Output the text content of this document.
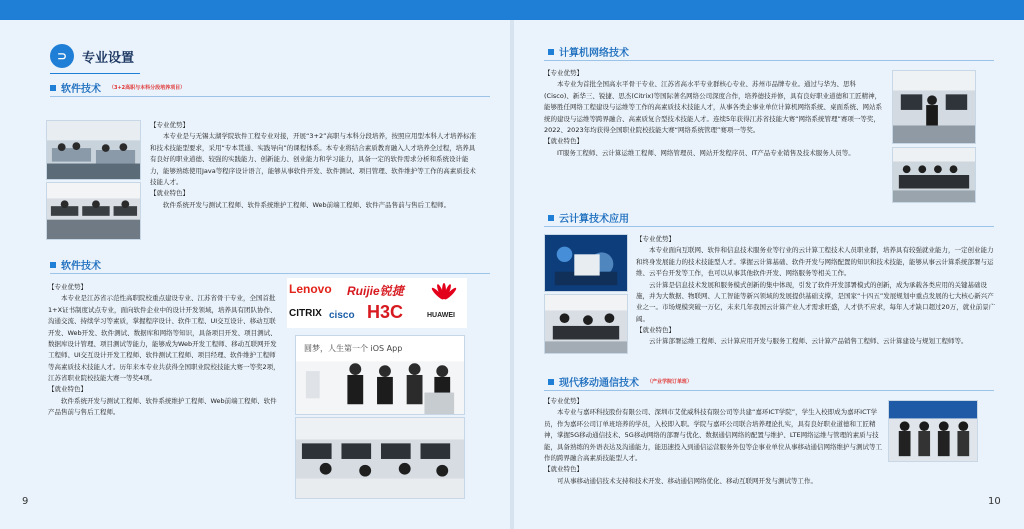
⊃	专业设置
软件技术 （3+2高职与本科分段培养项目）

【专业优势】

本专业是与无锡太湖学院软件工程专业对接，开展“3+2”高职与本科分段培养，按照应用型本科人才培养标准和技术技能型要求，采用“专本贯通、实践导向”的课程体系。本专业将结合素质教育融入人才培养全过程，培养具有良好的职业道德、较强的实践能力、创新能力、创业能力和学习能力，具备一定的软件需求分析和系统设计能力，能够熟练使用Java等程序设计语言，能够从事软件开发、软件测试、项目管理、软件维护等工作的高素质技术技能人才。

【就业特色】

软件系统开发与测试工程师、软件系统维护工程师、Web前端工程师、软件产品售前与售后工程师。

软件技术

【专业优势】

本专业是江苏省示范性高职院校重点建设专业、江苏省骨干专业，全国首批1+X证书制度试点专业，面向软件企业中的设计开发领域，培养具有团队协作、沟通交流、持续学习等素质，掌握程序设计、软件工程、UI交互设计、移动互联开发、Web开发、软件测试、数据库和网络等知识，具备项目开发、项目测试、数据库设计管理、项目测试等能力，能够成为Web开发工程师、移动互联网开发工程师、UI交互设计开发工程师、软件测试工程师、项目经理、软件维护工程师等高素质技术技能人才。历年来本专业共获得全国职业院校技能大赛一等奖2项，江苏省职业院校技能大赛一等奖4项。

【就业特色】

软件系统开发与测试工程师、软件系统维护工程师、Web前端工程师、软件产品售前与售后工程师。

Lenovo Ruijie锐捷
CITRIX cisco H3C	HUAWEI
圆梦，人生第一个 iOS App
9
计算机网络技术

【专业优势】

本专业为首批全国高水平骨干专业、江苏省高水平专业群核心专业、苏州市品牌专业。通过与华为、思科(Cisco)、新华三、锐捷、思杰(Citrix)等国际著名网络公司深度合作，培养德技并修，具有良好职业道德和工匠精神，能够胜任网络工程建设与运维等工作的高素质技术技能人才，从事各类企事业单位计算机网络系统、桌面系统、网站系统的建设与运维等跨界融合、高素质复合型技术技能人才。连续5年获得江苏省技能大赛“网络系统管理”赛项一等奖，2022、2023年均获得全国职业院校技能大赛“网络系统管理”赛项一等奖。

【就业特色】

IT服务工程师、云计算运维工程师、网络管理员、网站开发程序员、IT产品专业销售及技术服务人员等。

云计算技术应用

【专业优势】

本专业面向互联网、软件和信息技术服务业等行业的云计算工程技术人员职业群，培养具有较强就业能力，一定创业能力和终身发展能力的技术技能型人才。掌握云计算基础、软件开发与网络配置的知识和技术技能，能够从事云计算系统部署与运维、云平台开发等工作，也可以从事其他软件开发、网络服务等相关工作。

云计算是信息技术发展和服务模式创新的集中体现，引发了软件开发部署模式的创新，成为承载各类应用的关键基础设施，并为大数据、物联网、人工智能等新兴领域的发展提供基础支撑，是国家“十四五”发展规划中重点发展的七大核心新兴产业之一。市场规模突破一万亿，未来几年我国云计算产业人才需求旺盛，人才供不应求，每年人才缺口超过20万，就业前景广阔。

【就业特色】

云计算部署运维工程师、云计算应用开发与服务工程师、云计算产品销售工程师、云计算建设与规划工程师等。

现代移动通信技术 （产业学院订单班）

【专业优势】

本专业与嘉环科技股份有限公司、深圳市艾优威科技有限公司等共建“嘉环ICT学院”，学生入校即成为嘉环ICT学员，作为嘉环公司订单班培养的学员，入校即入职。学院与嘉环公司联合培养理论扎实，具有良好职业道德和工匠精神，掌握5G移动通信技术、5G移动网络的部署与优化、数据通信网络的配置与维护、LTE网络运维与管理的素质与技能，具备熟练的外语表达及沟通能力，能迅速投入到通信运营服务外包等企事业单位从事移动通信网络维护与测试等工作的跨界融合高素质技能型人才。

【就业特色】

可从事移动通信技术支持和技术开发、移动通信网络优化、移动互联网开发与测试等工作。

10
